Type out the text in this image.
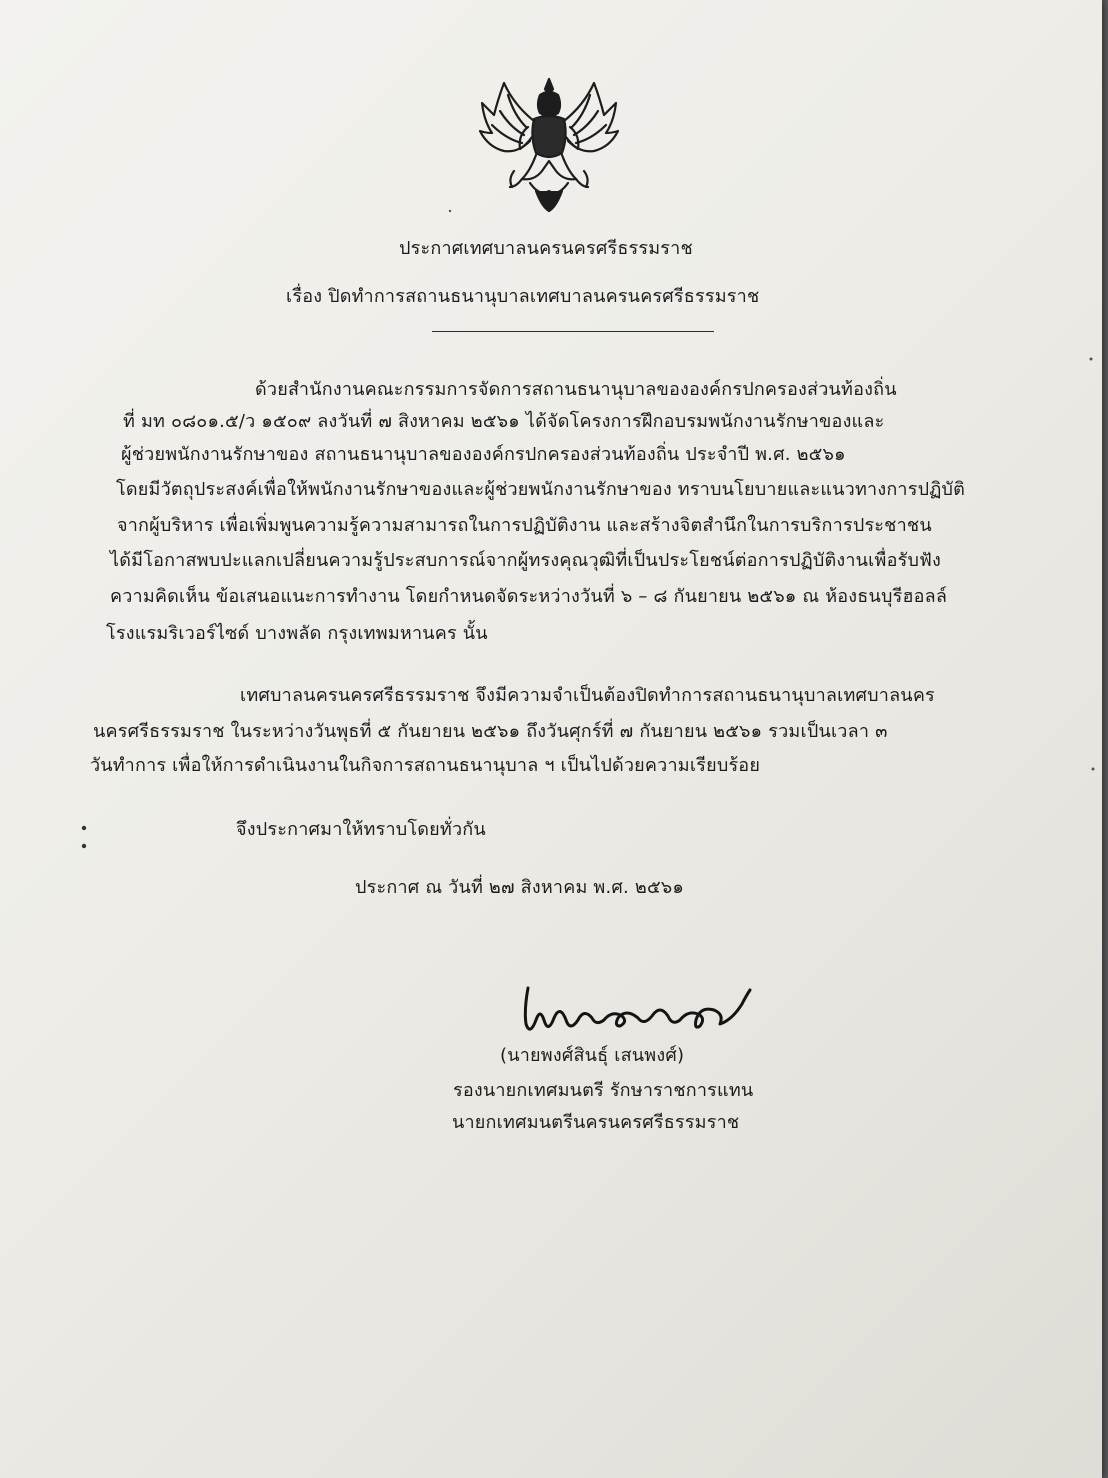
ประกาศเทศบาลนครนครศรีธรรมราช
เรื่อง ปิดทำการสถานธนานุบาลเทศบาลนครนครศรีธรรมราช
ด้วยสำนักงานคณะกรรมการจัดการสถานธนานุบาลขององค์กรปกครองส่วนท้องถิ่น
ที่ มท ๐๘๐๑.๕/ว ๑๕๐๙ ลงวันที่ ๗ สิงหาคม ๒๕๖๑ ได้จัดโครงการฝึกอบรมพนักงานรักษาของและ
ผู้ช่วยพนักงานรักษาของ สถานธนานุบาลขององค์กรปกครองส่วนท้องถิ่น ประจำปี พ.ศ. ๒๕๖๑
โดยมีวัตถุประสงค์เพื่อให้พนักงานรักษาของและผู้ช่วยพนักงานรักษาของ ทราบนโยบายและแนวทางการปฏิบัติ
จากผู้บริหาร เพื่อเพิ่มพูนความรู้ความสามารถในการปฏิบัติงาน และสร้างจิตสำนึกในการบริการประชาชน
ได้มีโอกาสพบปะแลกเปลี่ยนความรู้ประสบการณ์จากผู้ทรงคุณวุฒิที่เป็นประโยชน์ต่อการปฏิบัติงานเพื่อรับฟัง
ความคิดเห็น ข้อเสนอแนะการทำงาน โดยกำหนดจัดระหว่างวันที่ ๖ – ๘ กันยายน ๒๕๖๑ ณ ห้องธนบุรีฮอลล์
โรงแรมริเวอร์ไซด์ บางพลัด กรุงเทพมหานคร นั้น
เทศบาลนครนครศรีธรรมราช จึงมีความจำเป็นต้องปิดทำการสถานธนานุบาลเทศบาลนคร
นครศรีธรรมราช ในระหว่างวันพุธที่ ๕ กันยายน ๒๕๖๑ ถึงวันศุกร์ที่ ๗ กันยายน ๒๕๖๑ รวมเป็นเวลา ๓
วันทำการ เพื่อให้การดำเนินงานในกิจการสถานธนานุบาล ฯ เป็นไปด้วยความเรียบร้อย
จึงประกาศมาให้ทราบโดยทั่วกัน
ประกาศ ณ วันที่ ๒๗ สิงหาคม พ.ศ. ๒๕๖๑
(นายพงศ์สินธุ์ เสนพงศ์)
รองนายกเทศมนตรี รักษาราชการแทน
นายกเทศมนตรีนครนครศรีธรรมราช
